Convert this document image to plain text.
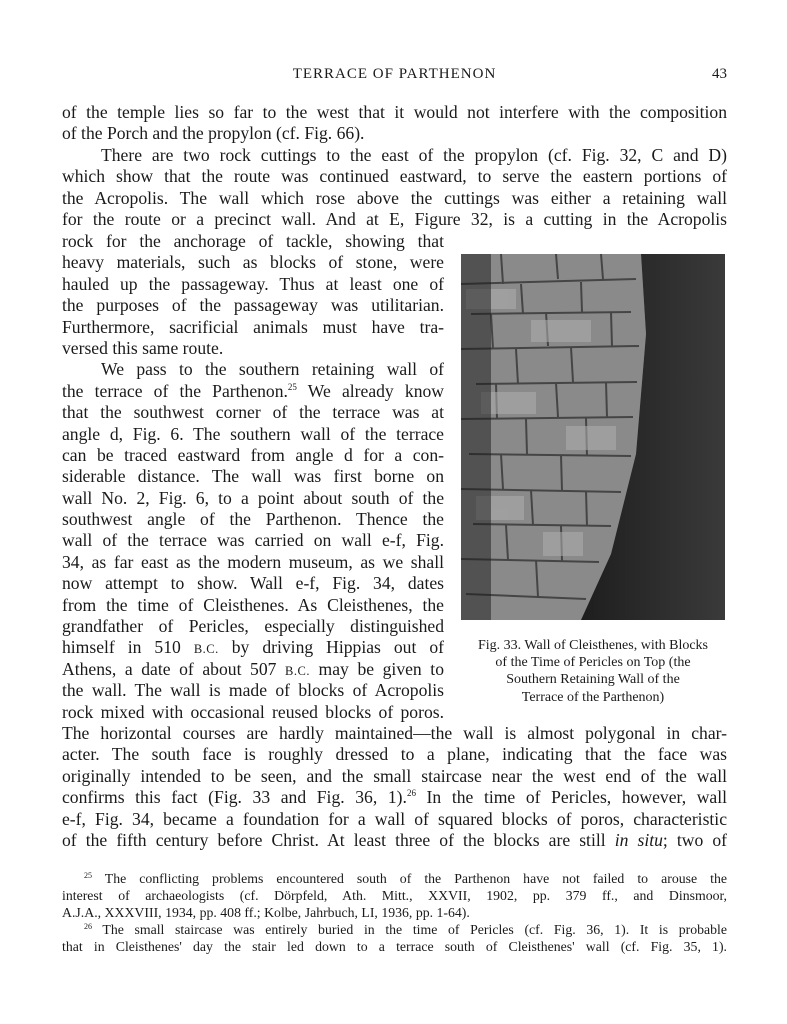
TERRACE OF PARTHENON	43
of the temple lies so far to the west that it would not interfere with the composition
of the Porch and the propylon (cf. Fig. 66).
There are two rock cuttings to the east of the propylon (cf. Fig. 32, C and D)
which show that the route was continued eastward, to serve the eastern portions of
the Acropolis. The wall which rose above the cuttings was either a retaining wall
for the route or a precinct wall. And at E, Figure 32, is a cutting in the Acropolis
rock for the anchorage of tackle, showing that
heavy materials, such as blocks of stone, were
hauled up the passageway. Thus at least one of
the purposes of the passageway was utilitarian.
Furthermore, sacrificial animals must have tra-
versed this same route.
We pass to the southern retaining wall of
the terrace of the Parthenon.$^{25}$ We already know
that the southwest corner of the terrace was at
angle d, Fig. 6. The southern wall of the terrace
can be traced eastward from angle d for a con-
siderable distance. The wall was first borne on
wall No. 2, Fig. 6, to a point about south of the
southwest angle of the Parthenon. Thence the
wall of the terrace was carried on wall e-f, Fig.
34, as far east as the modern museum, as we shall
now attempt to show. Wall e-f, Fig. 34, dates
from the time of Cleisthenes. As Cleisthenes, the
grandfather of Pericles, especially distinguished
himself in 510 B.C. by driving Hippias out of
Athens, a date of about 507 B.C. may be given to
the wall. The wall is made of blocks of Acropolis
rock mixed with occasional reused blocks of poros.
Fig. 33. Wall of Cleisthenes, with Blocks
of the Time of Pericles on Top (the
Southern Retaining Wall of the
Terrace of the Parthenon)
The horizontal courses are hardly maintained—the wall is almost polygonal in char-
acter. The south face is roughly dressed to a plane, indicating that the face was
originally intended to be seen, and the small staircase near the west end of the wall
confirms this fact (Fig. 33 and Fig. 36, 1).$^{26}$ In the time of Pericles, however, wall
e-f, Fig. 34, became a foundation for a wall of squared blocks of poros, characteristic
of the fifth century before Christ. At least three of the blocks are still in situ; two of
$^{25}$ The conflicting problems encountered south of the Parthenon have not failed to arouse the
interest of archaeologists (cf. Dörpfeld, Ath. Mitt., XXVII, 1902, pp. 379 ff., and Dinsmoor,
A.J.A., XXXVIII, 1934, pp. 408 ff.; Kolbe, Jahrbuch, LI, 1936, pp. 1-64).
$^{26}$ The small staircase was entirely buried in the time of Pericles (cf. Fig. 36, 1). It is probable
that in Cleisthenes' day the stair led down to a terrace south of Cleisthenes' wall (cf. Fig. 35, 1).
